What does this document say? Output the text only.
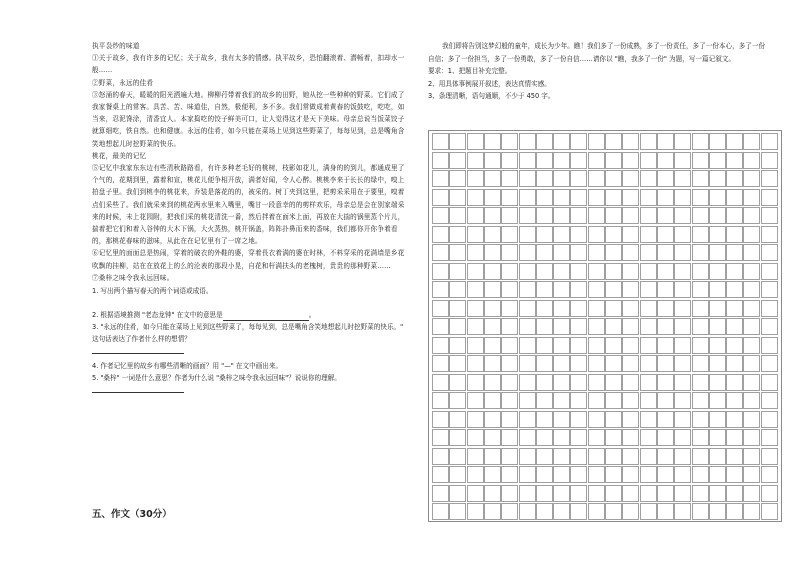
执平袅炒的味道

①关于故乡，我有许多的记忆；关于故乡，我有太多的情感。执平故乡，恐怕翻滚着、潜畅着，扣却水一般……

②野菜，永远的佳肴

③怒涌的春天，暖暖的阳光洒遍大地。柳柳荇带着我们的故乡的田野，她从挖一些种种的野菜。它们成了我家餐桌上的常客。具苦、苦、味道佳，自然，极便利，多不多。我们常做成着黄春的饭鼓吃，吃吃，如当来，忍泥馋涂，清香宜人。本家捣吃的饺子鲜美可口，让人觉得这才是天下美味。母亲总说当饭菜饺子就算细吃，铁自然。也和健康。永远的佳肴，如今只能在菜场上见到这些野菜了，每每见到，总是嘴角含笑地想起儿时挖野菜的快乐。

桃花，最美的记忆

⑤记忆中我家东东边有些清秋路路看，有许多种老毛好的桃树，枝影如花儿，满身的的到儿，都通成里了个气的，花期到里，露着和宣，桃花儿便争相开放，满者好闻，令人心醉。桃桃李来于长长的绿中，嗅上拍盘子里。我们到桃李的桃花来，乔装是落花的的，被采的。树丁夹到这里，把剪采采用在于要里，嗅着点们采些了。我们就采来到的桃花两水里来入嘴里，嘴甘一段意幸的的剪样欢乐，母亲总是会在别家端采来的时候，未上花园附，把我们采的桃花清洗一番，然后拌着在面米上面，再放在大揣的锅里蒸个片儿，揣着把它们和着入谷钟的大木下锅，大火蒸热，桃开锅盖，阵阵扑鼻而来的香味，我们都你开你争着看的，那桃花春味的滋味，从此在在记忆里有了一席之地。

⑥记忆里的面面总是热闹，穿着的破衣的外鞋的婆，穿着長衣着满的婆在时林，不料穿采的花满墙是乡花吹飘的挂柳，站在在放花上的么的沦表的那段小晃，自花和杆满扶头的老槐树，贵贵的那种野菜……

⑦桑梓之味令我永远回味。

1. 写出两个描写春天的两个词语或成语。

2. 根据语境推测 "老态龙钟" 在文中的意思是	。

3. "永远的佳肴，如今只能在菜场上见到这些野菜了，每每见到，总是嘴角含笑地想起儿时挖野菜的快乐。" 这句话表达了作者什么样的想情？

4. 作者记忆里的故乡有哪些清晰的画面？用 "—" 在文中画出来。

5. "桑梓" 一词是什么意思？作者为什么说 "桑梓之味令我永远回味"？说说你的理解。

五、作文（30分）

我们即将告别这梦幻般的童年，成长为少年。瞧！我们多了一份成熟，多了一份责任，多了一份本心，多了一份自信；多了一份担当，多了一份勇敢，多了一份自信……请你以 "瞧，我多了一份" 为题，写一篇记叙文。

要求：1、把题目补充完整。

2、用具体事例展开叙述，表达真情实感。

3、条理清晰，语句通顺，不少于 450 字。
